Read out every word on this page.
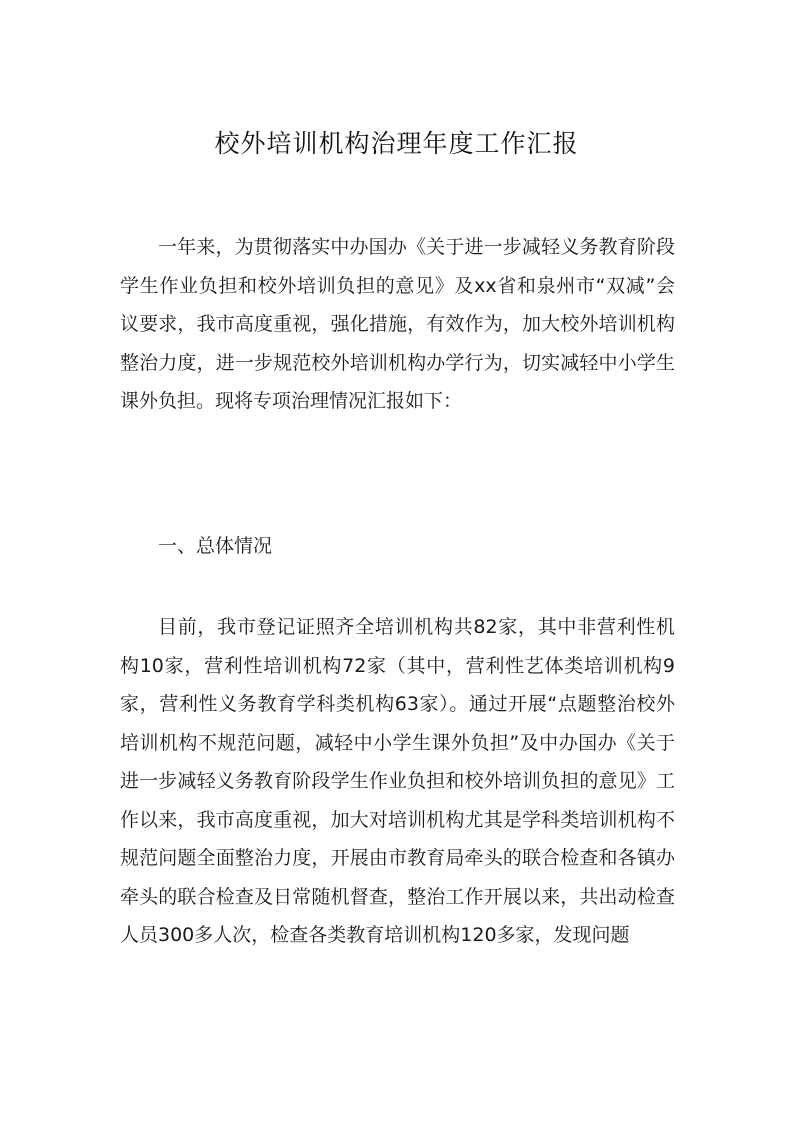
校外培训机构治理年度工作汇报

一年来，为贯彻落实中办国办《关于进一步减轻义务教育阶段学生作业负担和校外培训负担的意见》及xx省和泉州市“双减”会议要求，我市高度重视，强化措施，有效作为，加大校外培训机构整治力度，进一步规范校外培训机构办学行为，切实减轻中小学生课外负担。现将专项治理情况汇报如下：

一、总体情况

目前，我市登记证照齐全培训机构共82家，其中非营利性机构10家，营利性培训机构72家（其中，营利性艺体类培训机构9家，营利性义务教育学科类机构63家）。通过开展“点题整治校外培训机构不规范问题，减轻中小学生课外负担”及中办国办《关于进一步减轻义务教育阶段学生作业负担和校外培训负担的意见》工作以来，我市高度重视，加大对培训机构尤其是学科类培训机构不规范问题全面整治力度，开展由市教育局牵头的联合检查和各镇办牵头的联合检查及日常随机督查，整治工作开展以来，共出动检查人员300多人次，检查各类教育培训机构120多家，发现问题
